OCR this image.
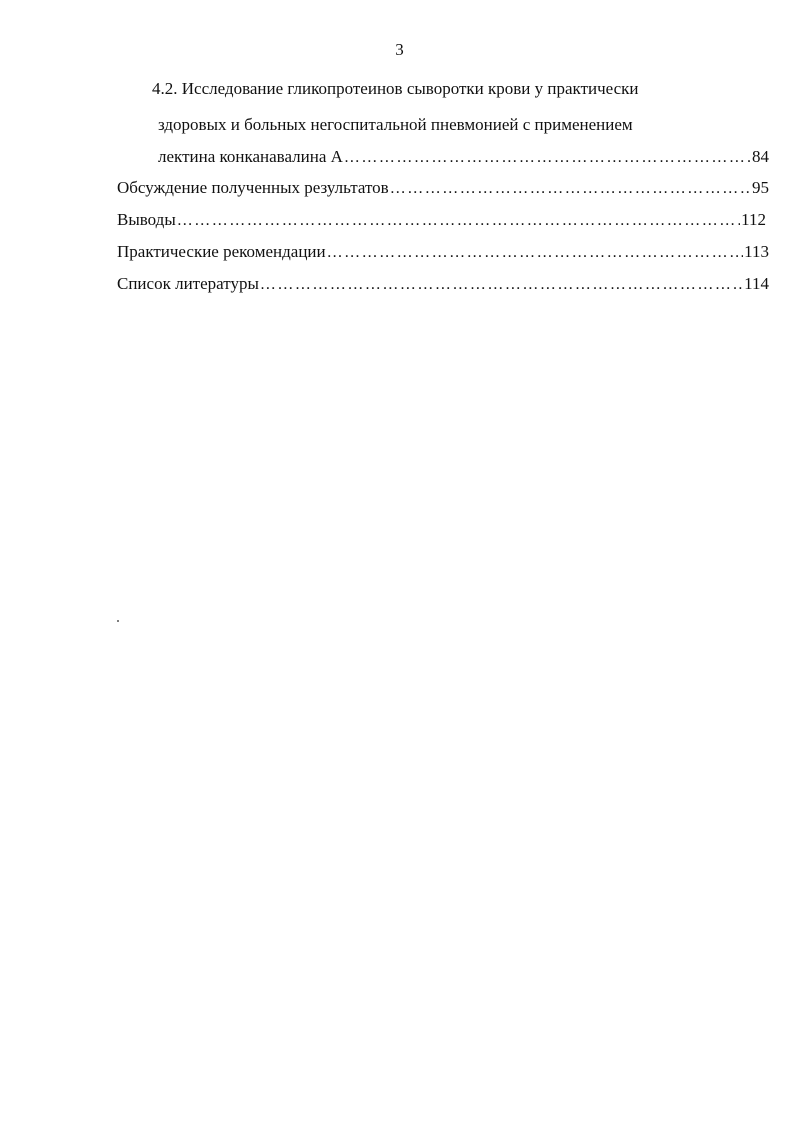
3
4.2. Исследование гликопротеинов сыворотки крови у практически
здоровых и больных негоспитальной пневмонией с применением
лектина конканавалина А ……………………………………………………………………………………………………………………………………………………………………………………………………………	84
Обсуждение полученных результатов ……………………………………………………………………………………………………………………………………………………………………………………………………………	95
Выводы ……………………………………………………………………………………………………………………………………………………………………………………………………………	112
Практические рекомендации ……………………………………………………………………………………………………………………………………………………………………………………………………………	113
Список литературы ……………………………………………………………………………………………………………………………………………………………………………………………………………	114
